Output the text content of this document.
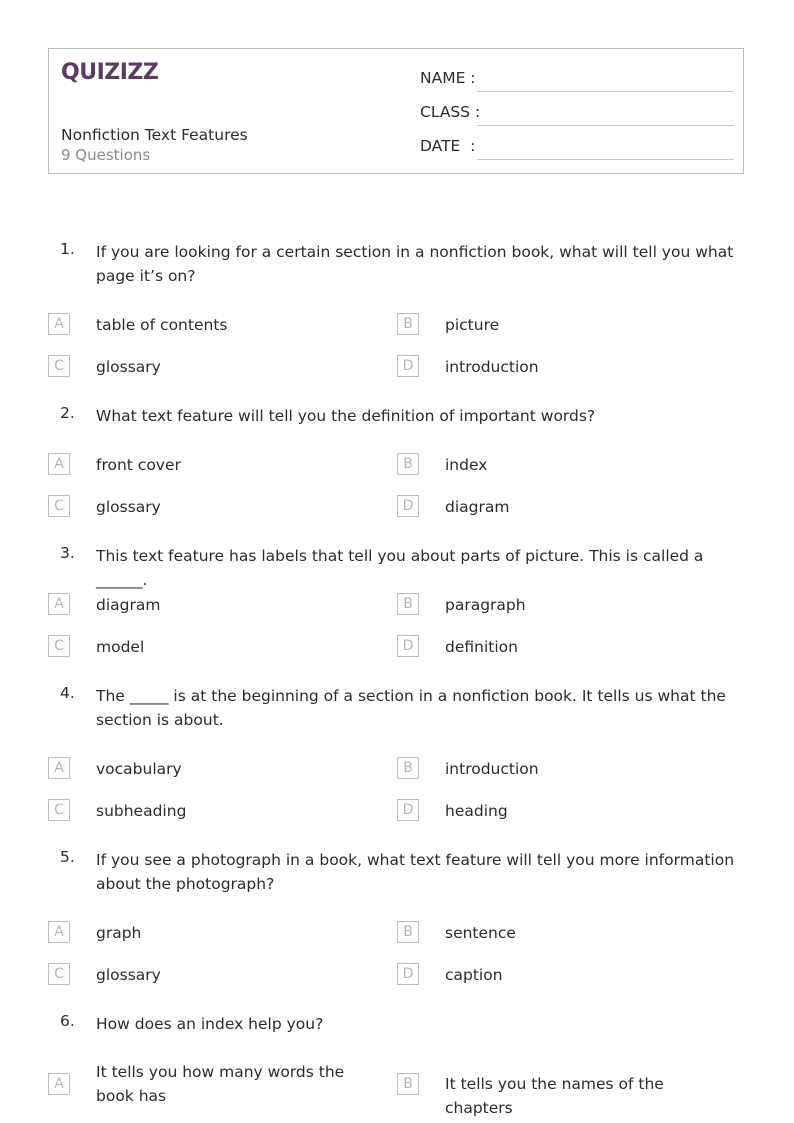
QUIZIZZ
Nonfiction Text Features
9 Questions
NAME :
CLASS :
DATE  :
1. If you are looking for a certain section in a nonfiction book, what will tell you what page it’s on?
A	table of contents	B	picture
C	glossary	D	introduction
2. What text feature will tell you the definition of important words?
A	front cover	B	index
C	glossary	D	diagram
3. This text feature has labels that tell you about parts of picture. This is called a ______.
A	diagram	B	paragraph
C	model	D	definition
4. The _____ is at the beginning of a section in a nonfiction book. It tells us what the section is about.
A	vocabulary	B	introduction
C	subheading	D	heading
5. If you see a photograph in a book, what text feature will tell you more information about the photograph?
A	graph	B	sentence
C	glossary	D	caption
6. How does an index help you?
A
It tells you how many words the book has
B	It tells you the names of the chapters
